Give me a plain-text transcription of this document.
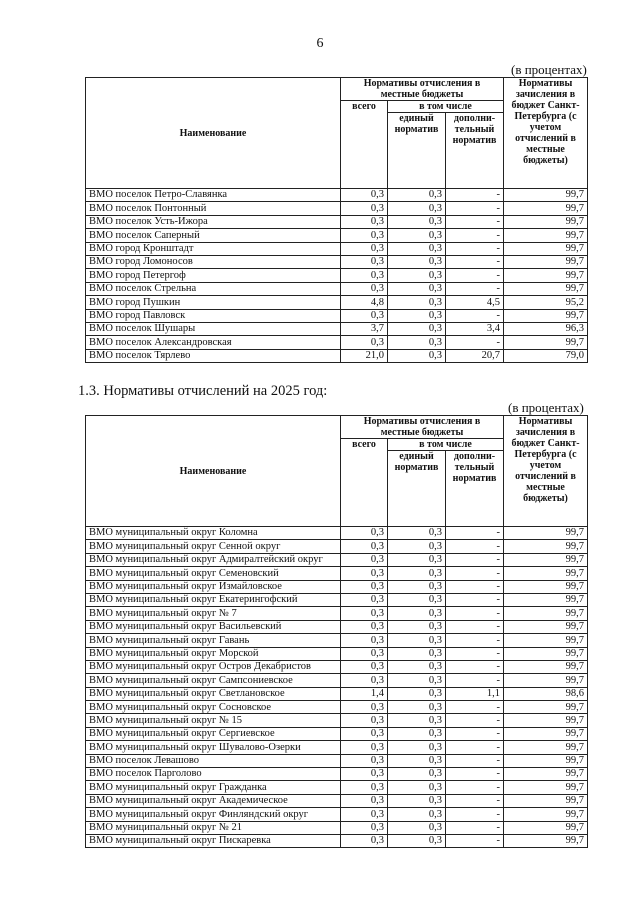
6
(в процентах)
Наименование	Нормативы отчисления в местные бюджеты			Нормативы зачисления в бюджет Санкт-Петербурга (с учетом отчислений в местные бюджеты)
	всего	в том числе		
		единый норматив	дополни-тельный норматив	
ВМО поселок Петро-Славянка	0,3	0,3	-	99,7
ВМО поселок Понтонный	0,3	0,3	-	99,7
ВМО поселок Усть-Ижора	0,3	0,3	-	99,7
ВМО поселок Саперный	0,3	0,3	-	99,7
ВМО город Кронштадт	0,3	0,3	-	99,7
ВМО город Ломоносов	0,3	0,3	-	99,7
ВМО город Петергоф	0,3	0,3	-	99,7
ВМО поселок Стрельна	0,3	0,3	-	99,7
ВМО город Пушкин	4,8	0,3	4,5	95,2
ВМО город Павловск	0,3	0,3	-	99,7
ВМО поселок Шушары	3,7	0,3	3,4	96,3
ВМО поселок Александровская	0,3	0,3	-	99,7
ВМО поселок Тярлево	21,0	0,3	20,7	79,0
1.3. Нормативы отчислений на 2025 год:
(в процентах)
Наименование	Нормативы отчисления в местные бюджеты			Нормативы зачисления в бюджет Санкт-Петербурга (с учетом отчислений в местные бюджеты)
	всего	в том числе		
		единый норматив	дополни-тельный норматив	
ВМО муниципальный округ Коломна	0,3	0,3	-	99,7
ВМО муниципальный округ Сенной округ	0,3	0,3	-	99,7
ВМО муниципальный округ Адмиралтейский округ	0,3	0,3	-	99,7
ВМО муниципальный округ Семеновский	0,3	0,3	-	99,7
ВМО муниципальный округ Измайловское	0,3	0,3	-	99,7
ВМО муниципальный округ Екатерингофский	0,3	0,3	-	99,7
ВМО муниципальный округ № 7	0,3	0,3	-	99,7
ВМО муниципальный округ Васильевский	0,3	0,3	-	99,7
ВМО муниципальный округ Гавань	0,3	0,3	-	99,7
ВМО муниципальный округ Морской	0,3	0,3	-	99,7
ВМО муниципальный округ Остров Декабристов	0,3	0,3	-	99,7
ВМО муниципальный округ Сампсониевское	0,3	0,3	-	99,7
ВМО муниципальный округ Светлановское	1,4	0,3	1,1	98,6
ВМО муниципальный округ Сосновское	0,3	0,3	-	99,7
ВМО муниципальный округ № 15	0,3	0,3	-	99,7
ВМО муниципальный округ Сергиевское	0,3	0,3	-	99,7
ВМО муниципальный округ Шувалово-Озерки	0,3	0,3	-	99,7
ВМО поселок Левашово	0,3	0,3	-	99,7
ВМО поселок Парголово	0,3	0,3	-	99,7
ВМО муниципальный округ Гражданка	0,3	0,3	-	99,7
ВМО муниципальный округ Академическое	0,3	0,3	-	99,7
ВМО муниципальный округ Финляндский округ	0,3	0,3	-	99,7
ВМО муниципальный округ № 21	0,3	0,3	-	99,7
ВМО муниципальный округ Пискаревка	0,3	0,3	-	99,7
